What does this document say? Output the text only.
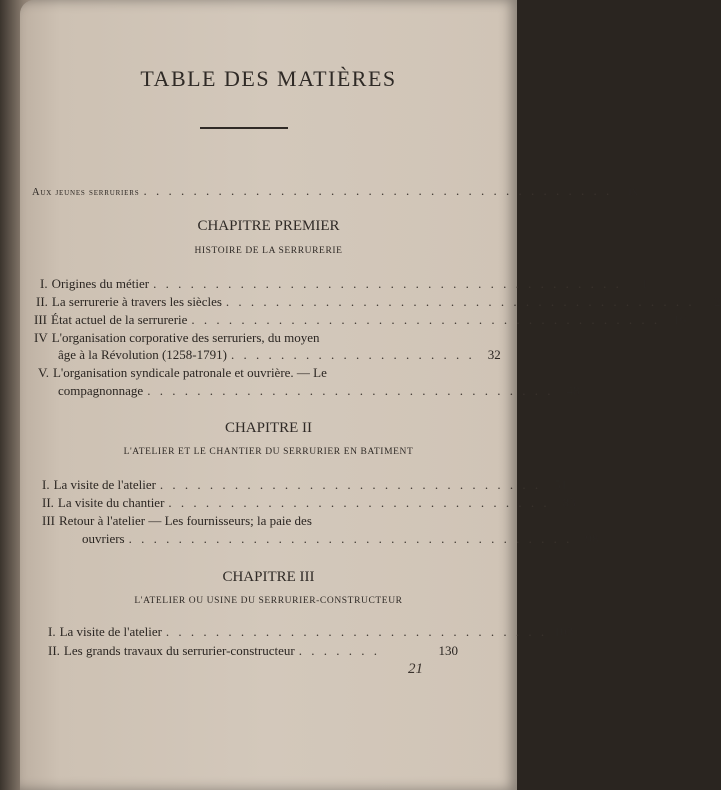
TABLE DES MATIÈRES
Aux jeunes serruriers . . . . . . . . . . . . . . . . . . . . . . . . . . . . . . . . . . . . . .	ix
CHAPITRE PREMIER
HISTOIRE DE LA SERRURERIE
I. Origines du métier . . . . . . . . . . . . . . . . . . . . . . . . . . . . . . . . . . . . . .	1
II. La serrurerie à travers les siècles . . . . . . . . . . . . . . . . . . . . . . . . . . . . . . . . . . . . . .	2
III État actuel de la serrurerie . . . . . . . . . . . . . . . . . . . . . . . . . . . . . . . . . . . . . .	16
IV L'organisation corporative des serruriers, du moyen
âge à la Révolution (1258-1791) . . . . . . . . . . . . . . . . . . . .	32
V. L'organisation syndicale patronale et ouvrière. — Le
compagnonnage . . . . . . . . . . . . . . . . . . . . . . . . . . . . . . . . .	48
CHAPITRE II
L'ATELIER ET LE CHANTIER DU SERRURIER EN BATIMENT
I. La visite de l'atelier . . . . . . . . . . . . . . . . . . . . . . . . . . . . . . .	51
II. La visite du chantier . . . . . . . . . . . . . . . . . . . . . . . . . . . . . . .	83
III Retour à l'atelier — Les fournisseurs; la paie des
ouvriers . . . . . . . . . . . . . . . . . . . . . . . . . . . . . . . . . . . .	98
CHAPITRE III
L'ATELIER OU USINE DU SERRURIER-CONSTRUCTEUR
I. La visite de l'atelier . . . . . . . . . . . . . . . . . . . . . . . . . . . . . . . 103
II. Les grands travaux du serrurier-constructeur . . . . . . .	130
21
